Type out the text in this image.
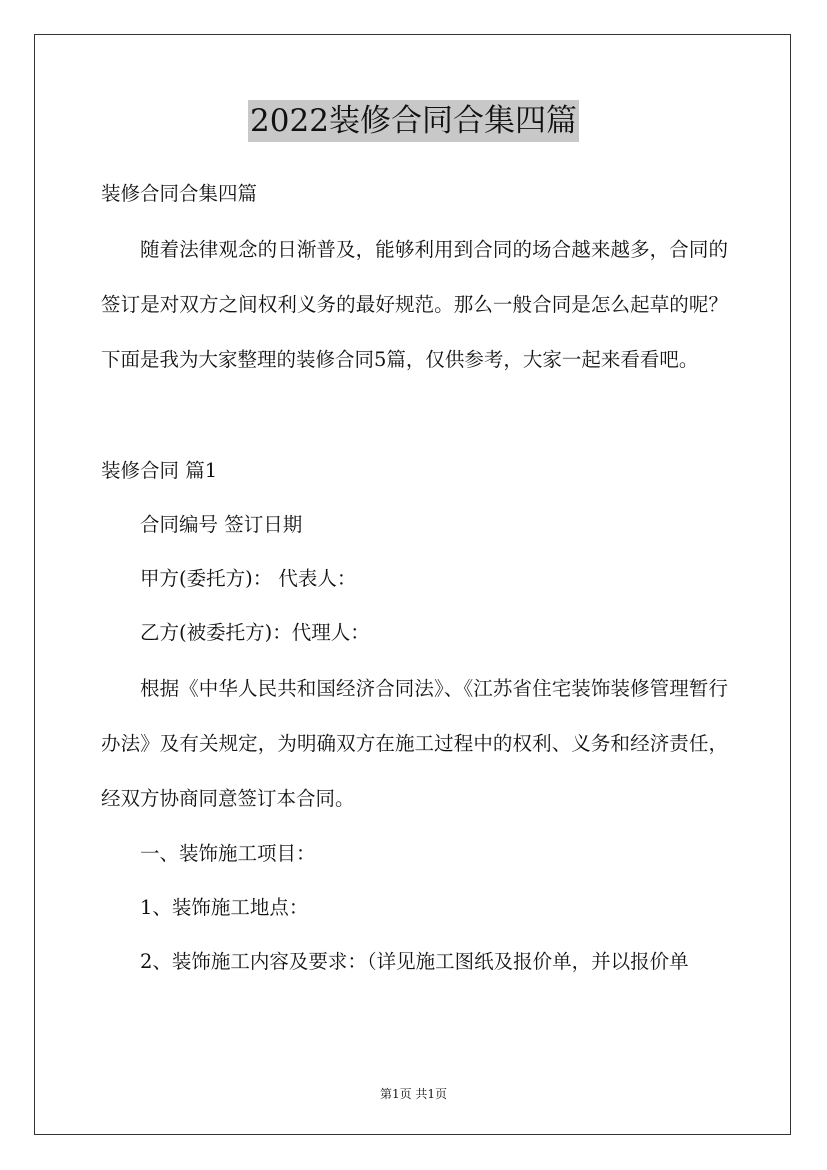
2022装修合同合集四篇
装修合同合集四篇
随着法律观念的日渐普及，能够利用到合同的场合越来越多，合同的签订是对双方之间权利义务的最好规范。那么一般合同是怎么起草的呢？下面是我为大家整理的装修合同5篇，仅供参考，大家一起来看看吧。
装修合同 篇1
合同编号 签订日期
甲方(委托方)： 代表人：
乙方(被委托方)：代理人：
根据《中华人民共和国经济合同法》、《江苏省住宅装饰装修管理暂行办法》及有关规定，为明确双方在施工过程中的权利、义务和经济责任，经双方协商同意签订本合同。
一、装饰施工项目：
1、装饰施工地点：
2、装饰施工内容及要求：（详见施工图纸及报价单，并以报价单
第1页 共1页
